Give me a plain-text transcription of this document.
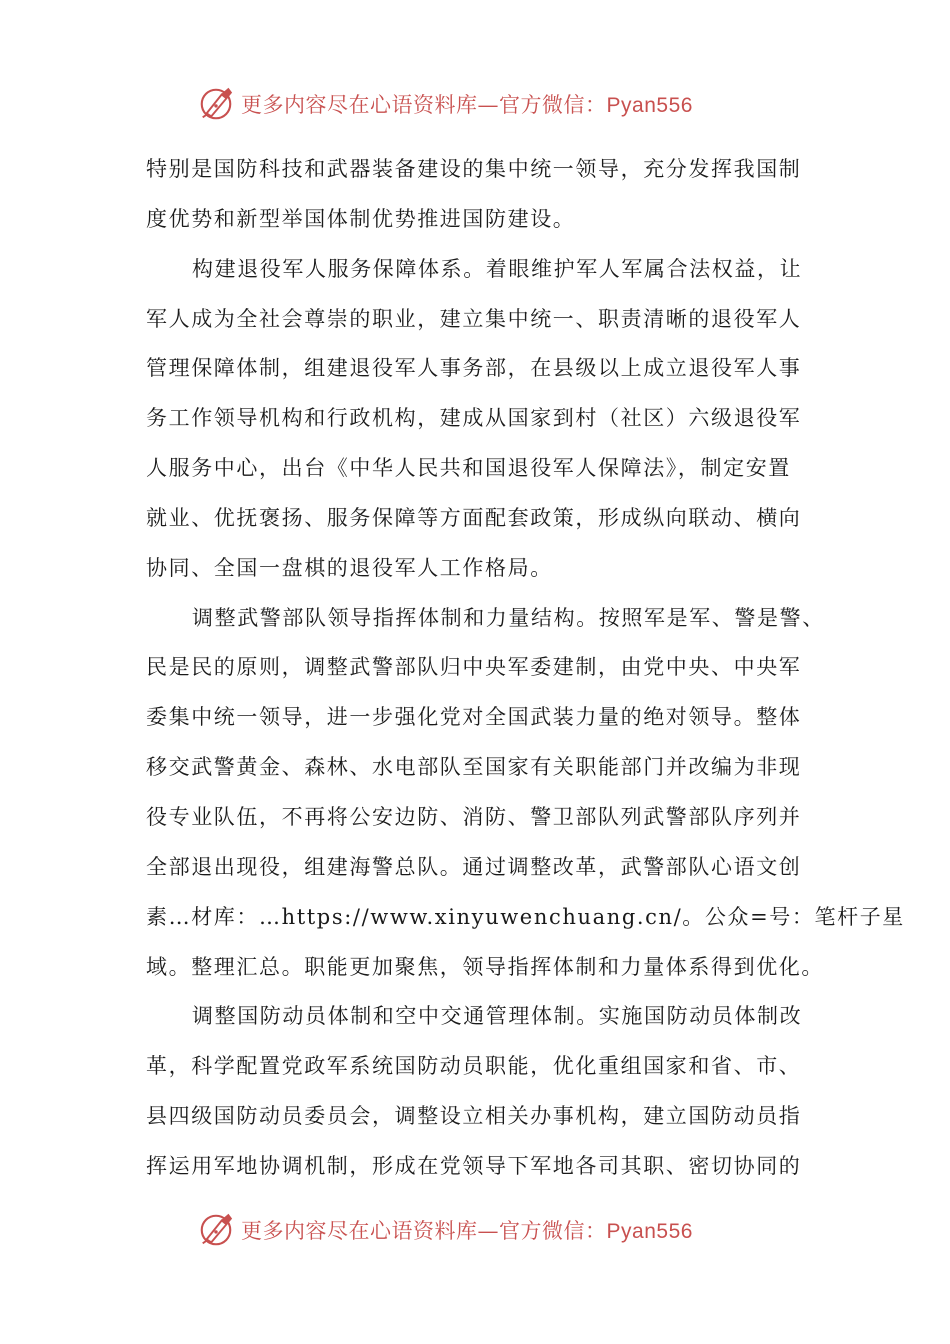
更多内容尽在心语资料库—官方微信：Pyan556
特别是国防科技和武器装备建设的集中统一领导，充分发挥我国制
度优势和新型举国体制优势推进国防建设。
构建退役军人服务保障体系。着眼维护军人军属合法权益，让
军人成为全社会尊崇的职业，建立集中统一、职责清晰的退役军人
管理保障体制，组建退役军人事务部，在县级以上成立退役军人事
务工作领导机构和行政机构，建成从国家到村（社区）六级退役军
人服务中心，出台《中华人民共和国退役军人保障法》，制定安置
就业、优抚褒扬、服务保障等方面配套政策，形成纵向联动、横向
协同、全国一盘棋的退役军人工作格局。
调整武警部队领导指挥体制和力量结构。按照军是军、警是警、
民是民的原则，调整武警部队归中央军委建制，由党中央、中央军
委集中统一领导，进一步强化党对全国武装力量的绝对领导。整体
移交武警黄金、森林、水电部队至国家有关职能部门并改编为非现
役专业队伍，不再将公安边防、消防、警卫部队列武警部队序列并
全部退出现役，组建海警总队。通过调整改革，武警部队心语文创
素…材库：…https://www.xinyuwenchuang.cn/。公众=号：笔杆子星
域。整理汇总。职能更加聚焦，领导指挥体制和力量体系得到优化。
调整国防动员体制和空中交通管理体制。实施国防动员体制改
革，科学配置党政军系统国防动员职能，优化重组国家和省、市、
县四级国防动员委员会，调整设立相关办事机构，建立国防动员指
挥运用军地协调机制，形成在党领导下军地各司其职、密切协同的
更多内容尽在心语资料库—官方微信：Pyan556
